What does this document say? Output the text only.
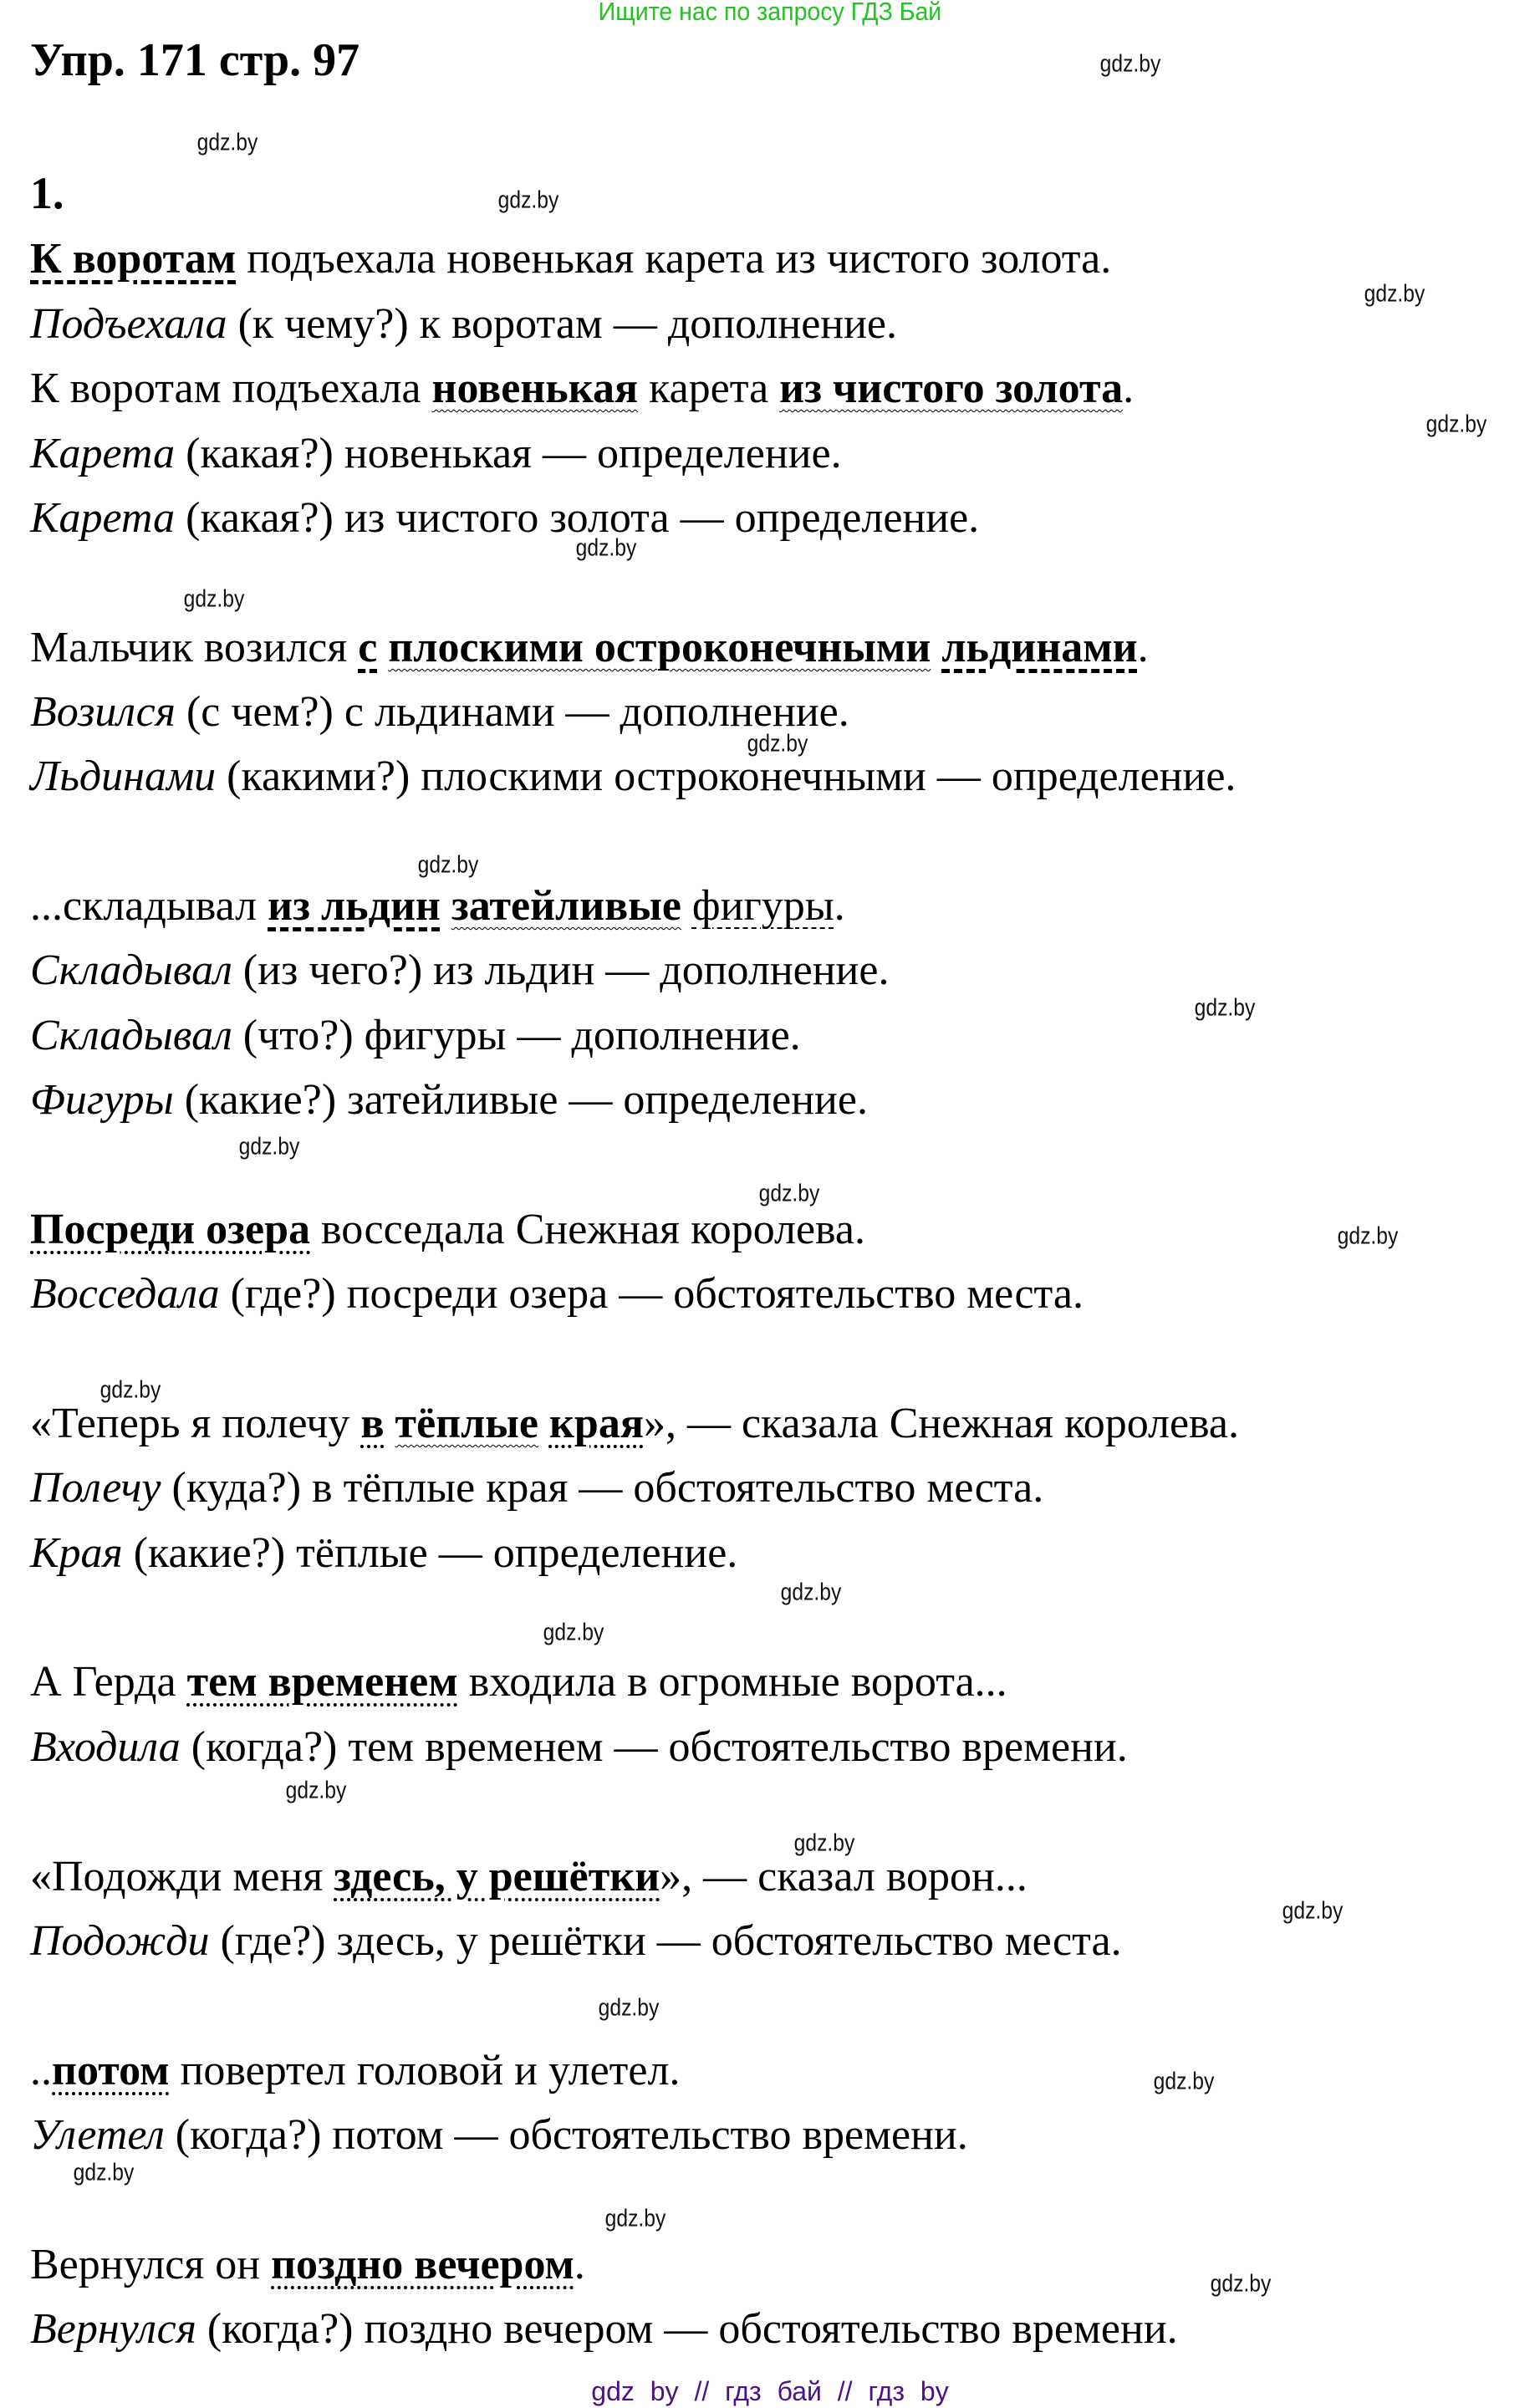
Ищите нас по запросу ГДЗ Бай
Упр. 171 стр. 97
1.
gdz.by
gdz.by
gdz.by
gdz.by
gdz.by
gdz.by
gdz.by
gdz.by
gdz.by
gdz.by
gdz.by
gdz.by
gdz.by
gdz.by
gdz.by
gdz.by
gdz.by
gdz.by
gdz.by
gdz.by
gdz.by
gdz.by
gdz.by
gdz.by
К воротам подъехала новенькая карета из чистого золота.
Подъехала (к чему?) к воротам — дополнение.
К воротам подъехала новенькая карета из чистого золота.
Карета (какая?) новенькая — определение.
Карета (какая?) из чистого золота — определение.
Мальчик возился с плоскими остроконечными льдинами.
Возился (с чем?) с льдинами — дополнение.
Льдинами (какими?) плоскими остроконечными — определение.
...складывал из льдин затейливые фигуры.
Складывал (из чего?) из льдин — дополнение.
Складывал (что?) фигуры — дополнение.
Фигуры (какие?) затейливые — определение.
Посреди озера восседала Снежная королева.
Восседала (где?) посреди озера — обстоятельство места.
«Теперь я полечу в тёплые края», — сказала Снежная королева.
Полечу (куда?) в тёплые края — обстоятельство места.
Края (какие?) тёплые — определение.
А Герда тем временем входила в огромные ворота...
Входила (когда?) тем временем — обстоятельство времени.
«Подожди меня здесь, у решётки», — сказал ворон...
Подожди (где?) здесь, у решётки — обстоятельство места.
..потом повертел головой и улетел.
Улетел (когда?) потом — обстоятельство времени.
Вернулся он поздно вечером.
Вернулся (когда?) поздно вечером — обстоятельство времени.
gdz by // гдз бай // гдз by
